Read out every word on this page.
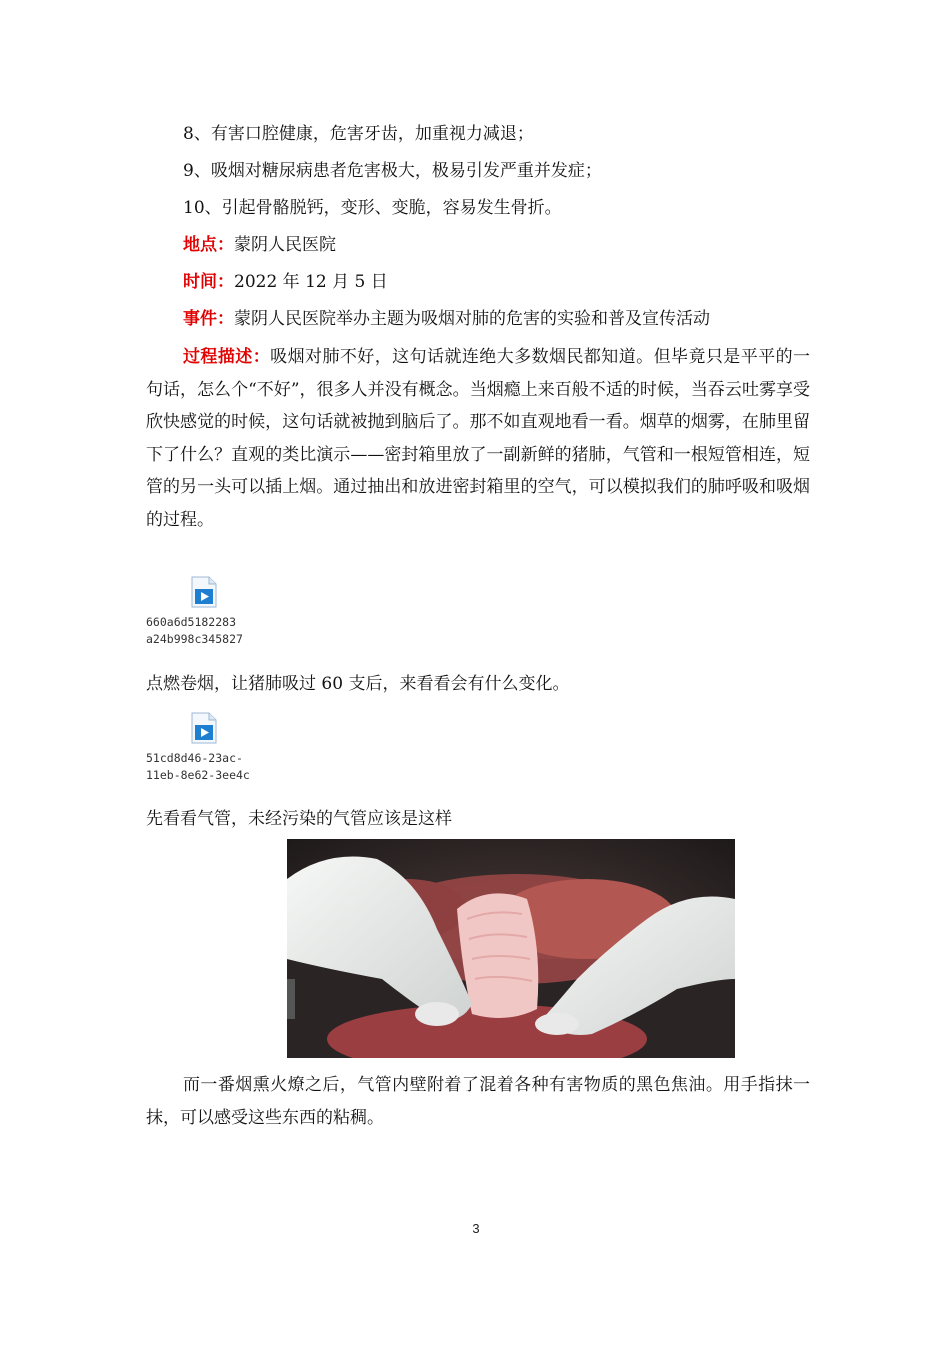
8、有害口腔健康，危害牙齿，加重视力减退；
9、吸烟对糖尿病患者危害极大，极易引发严重并发症；
10、引起骨骼脱钙，变形、变脆，容易发生骨折。
地点：蒙阴人民医院
时间：2022 年 12 月 5 日
事件：蒙阴人民医院举办主题为吸烟对肺的危害的实验和普及宣传活动
过程描述：吸烟对肺不好，这句话就连绝大多数烟民都知道。但毕竟只是平平的一句话，怎么个“不好”，很多人并没有概念。当烟瘾上来百般不适的时候，当吞云吐雾享受欣快感觉的时候，这句话就被抛到脑后了。那不如直观地看一看。烟草的烟雾，在肺里留下了什么？直观的类比演示——密封箱里放了一副新鲜的猪肺，气管和一根短管相连，短管的另一头可以插上烟。通过抽出和放进密封箱里的空气，可以模拟我们的肺呼吸和吸烟的过程。
660a6d5182283
a24b998c345827
点燃卷烟，让猪肺吸过 60 支后，来看看会有什么变化。
51cd8d46-23ac-
11eb-8e62-3ee4c
先看看气管，未经污染的气管应该是这样
而一番烟熏火燎之后，气管内壁附着了混着各种有害物质的黑色焦油。用手指抹一抹，可以感受这些东西的粘稠。
3
